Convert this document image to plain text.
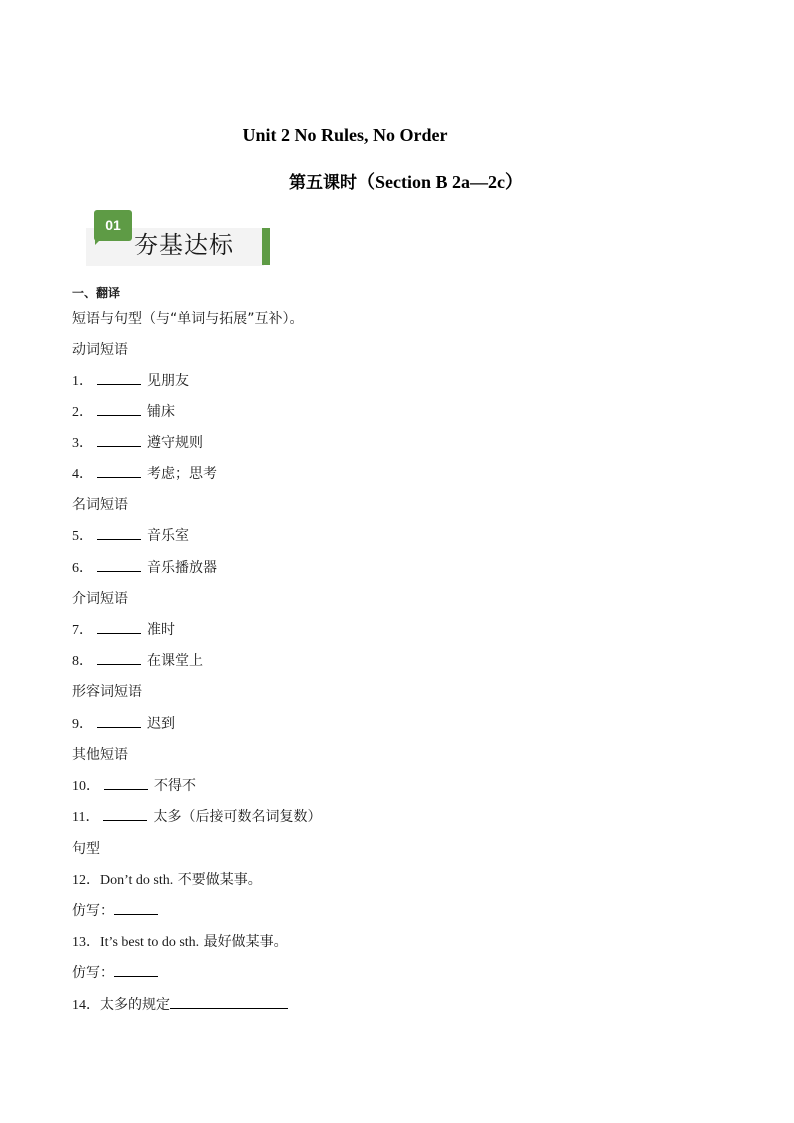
Unit 2 No Rules, No Order
第五课时（Section B 2a—2c）
01
夯基达标
一、翻译
短语与句型（与“单词与拓展”互补）。
动词短语
1．	见朋友
2．	铺床
3．	遵守规则
4．	考虑；思考
名词短语
5．	音乐室
6．	音乐播放器
介词短语
7．	准时
8．	在课堂上
形容词短语
9．	迟到
其他短语
10．	不得不
11．	太多（后接可数名词复数）
句型
12．Don’t do sth. 不要做某事。
仿写：
13．It’s best to do sth. 最好做某事。
仿写：
14．太多的规定
